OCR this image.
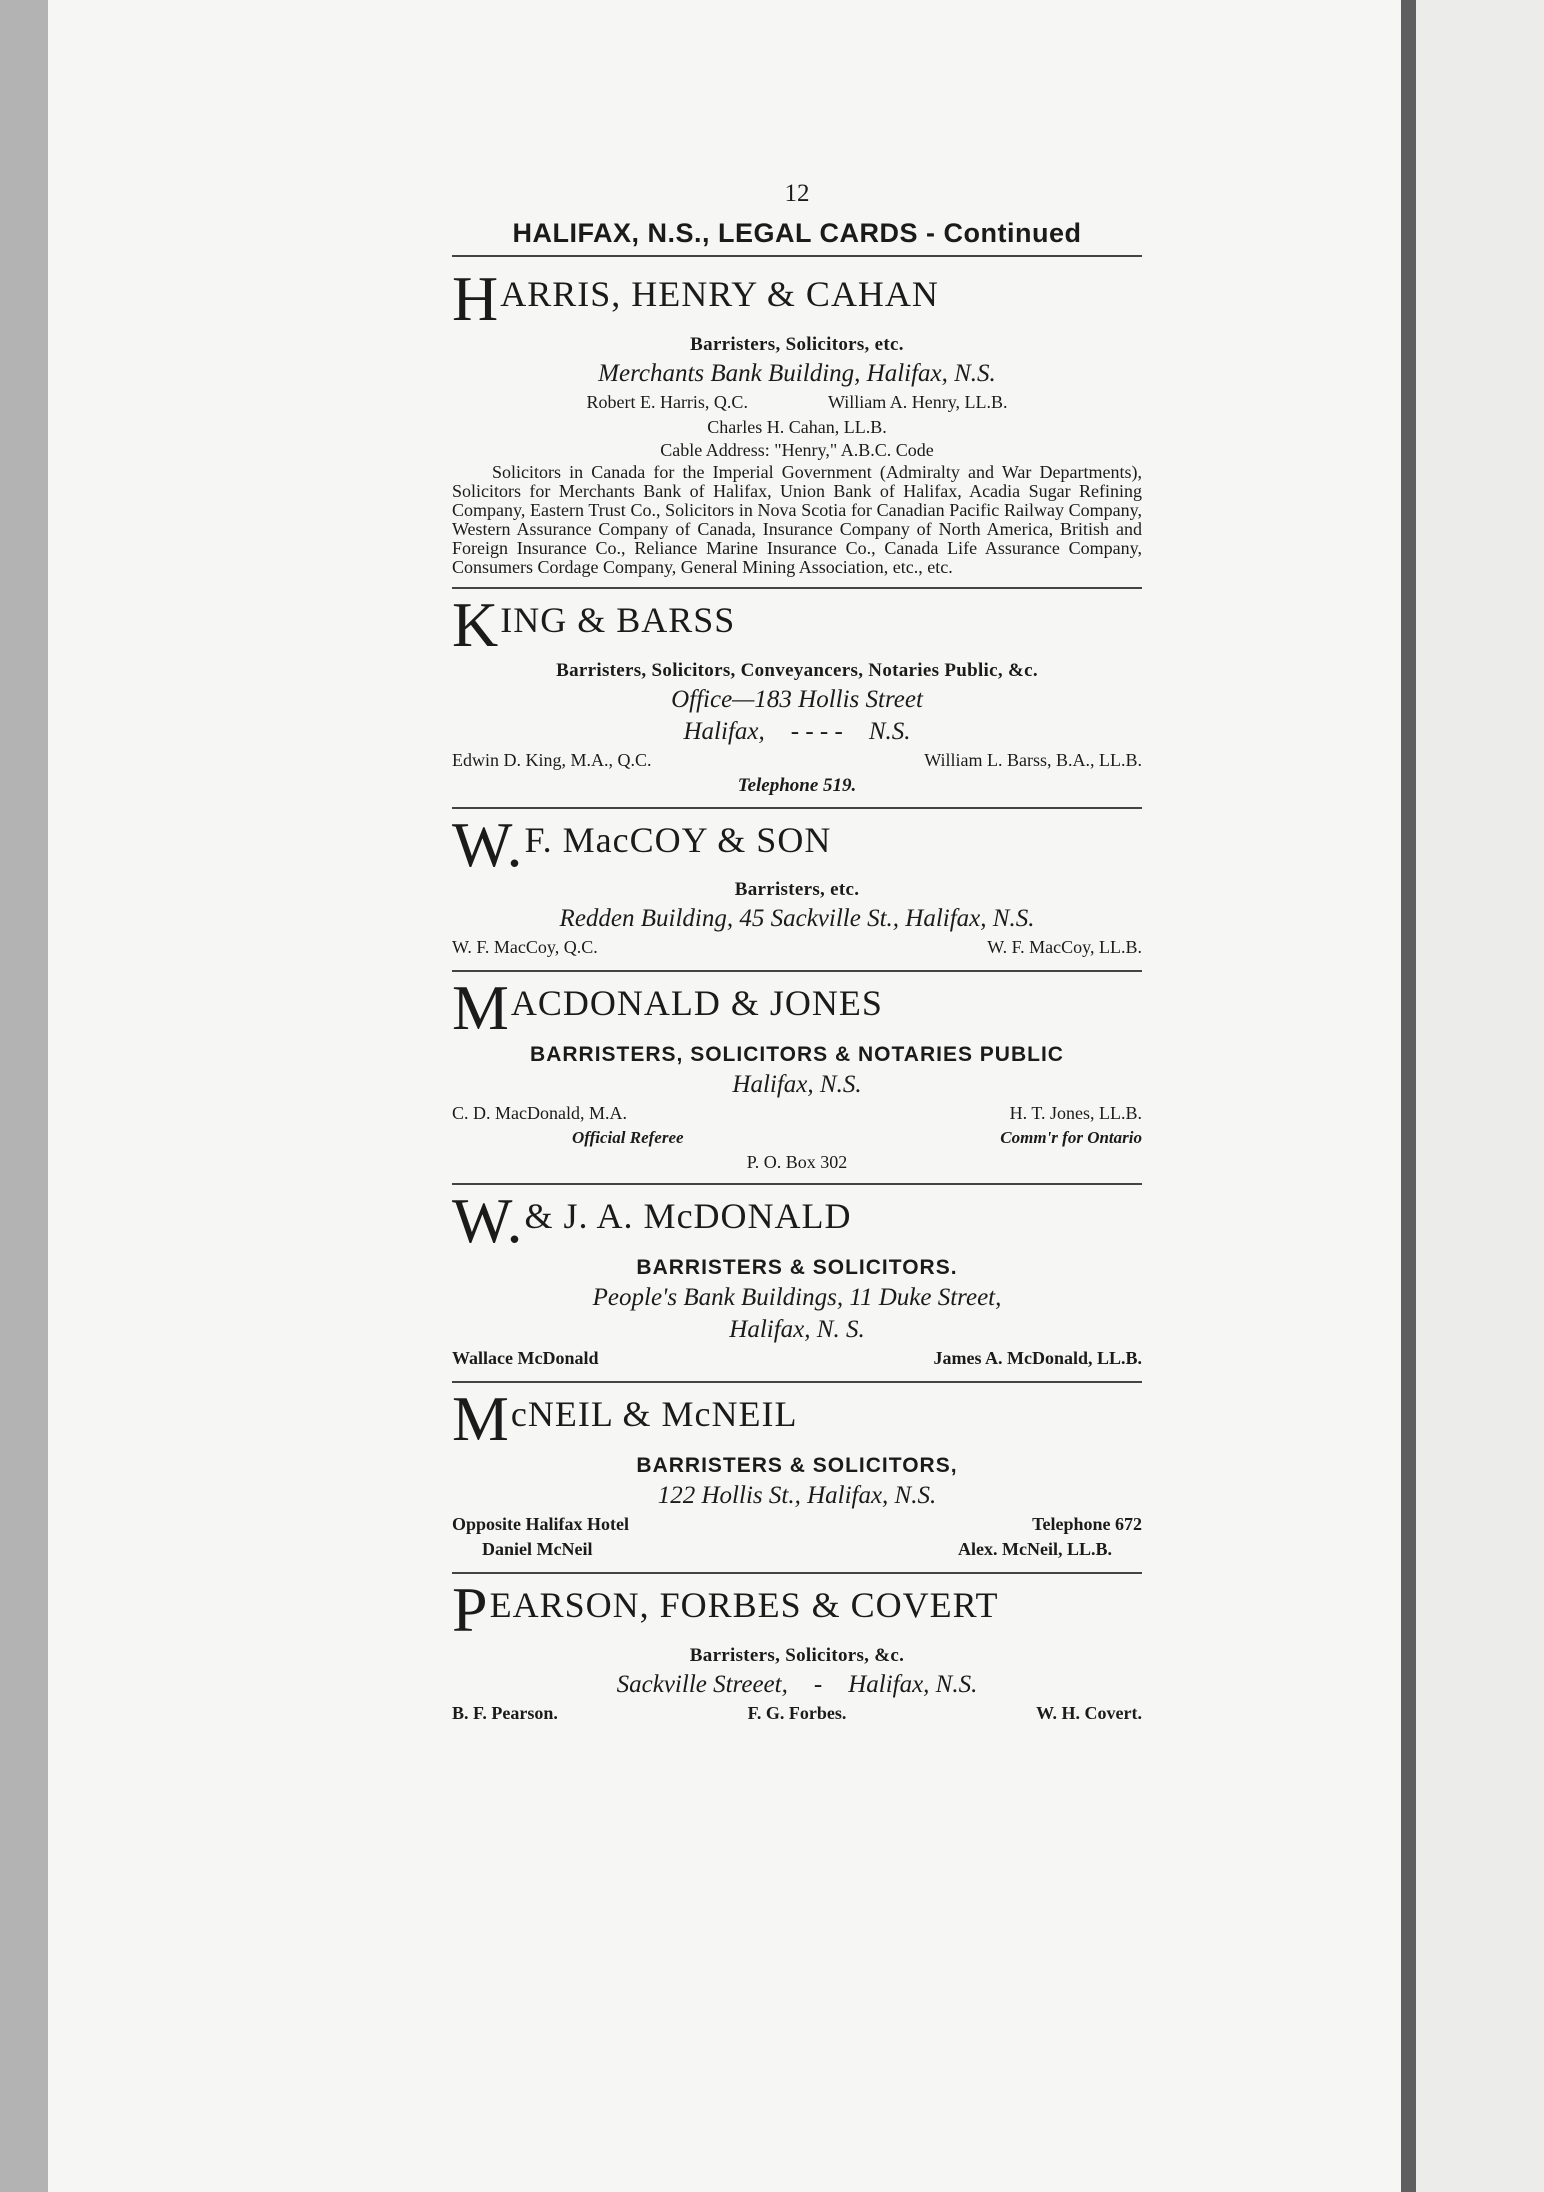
12
HALIFAX, N.S., LEGAL CARDS - Continued
H ARRIS, HENRY & CAHAN
Barristers, Solicitors, etc.
Merchants Bank Building, Halifax, N.S.
Robert E. Harris, Q.C.	William A. Henry, LL.B.
Charles H. Cahan, LL.B.
Cable Address: "Henry," A.B.C. Code
Solicitors in Canada for the Imperial Government (Admiralty and War Departments), Solicitors for Merchants Bank of Halifax, Union Bank of Halifax, Acadia Sugar Refining Company, Eastern Trust Co., Solicitors in Nova Scotia for Canadian Pacific Railway Company, Western Assurance Company of Canada, Insurance Company of North America, British and Foreign Insurance Co., Reliance Marine Insurance Co., Canada Life Assurance Company, Consumers Cordage Company, General Mining Association, etc., etc.
K ING & BARSS
Barristers, Solicitors, Conveyancers, Notaries Public, &c.
Office—183 Hollis Street
Halifax, - - - - N.S.
Edwin D. King, M.A., Q.C.	William L. Barss, B.A., LL.B.
Telephone 519.
W. F. MacCOY & SON
Barristers, etc.
Redden Building, 45 Sackville St., Halifax, N.S.
W. F. MacCoy, Q.C.	W. F. MacCoy, LL.B.
M ACDONALD & JONES
BARRISTERS, SOLICITORS & NOTARIES PUBLIC
Halifax, N.S.
C. D. MacDonald, M.A.	H. T. Jones, LL.B.
Official Referee	Comm'r for Ontario
P. O. Box 302
W. & J. A. McDONALD
BARRISTERS & SOLICITORS.
People's Bank Buildings, 11 Duke Street,
Halifax, N. S.
Wallace McDonald	James A. McDonald, LL.B.
M cNEIL & McNEIL
BARRISTERS & SOLICITORS,
122 Hollis St., Halifax, N.S.
Opposite Halifax Hotel	Telephone 672
Daniel McNeil	Alex. McNeil, LL.B.
P EARSON, FORBES & COVERT
Barristers, Solicitors, &c.
Sackville Streeet, - Halifax, N.S.
B. F. Pearson.	F. G. Forbes.	W. H. Covert.
